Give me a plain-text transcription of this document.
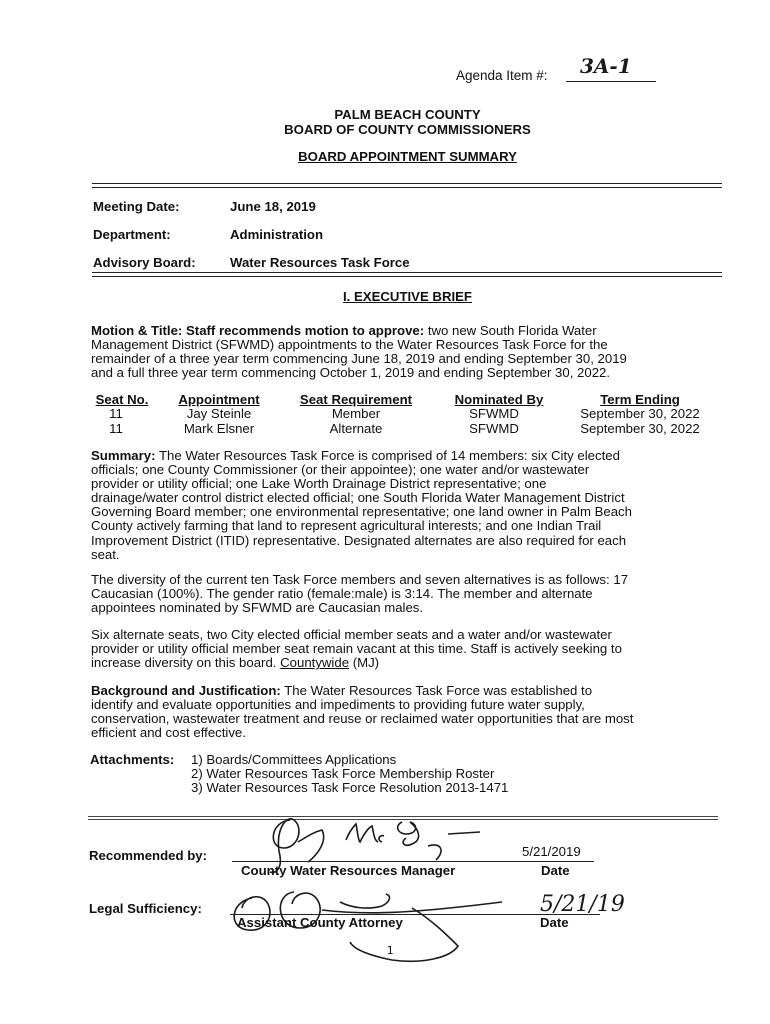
Agenda Item #: 3A-1
PALM BEACH COUNTY
BOARD OF COUNTY COMMISSIONERS
BOARD APPOINTMENT SUMMARY
Meeting Date:	June 18, 2019
Department:	Administration
Advisory Board:	Water Resources Task Force
I. EXECUTIVE BRIEF
Motion & Title: Staff recommends motion to approve: two new South Florida Water
Management District (SFWMD) appointments to the Water Resources Task Force for the
remainder of a three year term commencing June 18, 2019 and ending September 30, 2019
and a full three year term commencing October 1, 2019 and ending September 30, 2022.
Seat No.	Appointment	Seat Requirement	Nominated By	Term Ending
11	Jay Steinle	Member	SFWMD	September 30, 2022
11	Mark Elsner	Alternate	SFWMD	September 30, 2022
Summary: The Water Resources Task Force is comprised of 14 members: six City elected
officials; one County Commissioner (or their appointee); one water and/or wastewater
provider or utility official; one Lake Worth Drainage District representative; one
drainage/water control district elected official; one South Florida Water Management District
Governing Board member; one environmental representative; one land owner in Palm Beach
County actively farming that land to represent agricultural interests; and one Indian Trail
Improvement District (ITID) representative. Designated alternates are also required for each
seat.
The diversity of the current ten Task Force members and seven alternatives is as follows: 17
Caucasian (100%). The gender ratio (female:male) is 3:14. The member and alternate
appointees nominated by SFWMD are Caucasian males.
Six alternate seats, two City elected official member seats and a water and/or wastewater
provider or utility official member seat remain vacant at this time. Staff is actively seeking to
increase diversity on this board. Countywide (MJ)
Background and Justification: The Water Resources Task Force was established to
identify and evaluate opportunities and impediments to providing future water supply,
conservation, wastewater treatment and reuse or reclaimed water opportunities that are most
efficient and cost effective.
Attachments: 1) Boards/Committees Applications
2) Water Resources Task Force Membership Roster
3) Water Resources Task Force Resolution 2013-1471
Recommended by:	5/21/2019
County Water Resources Manager	Date
Legal Sufficiency:
Assistant County Attorney	Date
5/21/19
1
